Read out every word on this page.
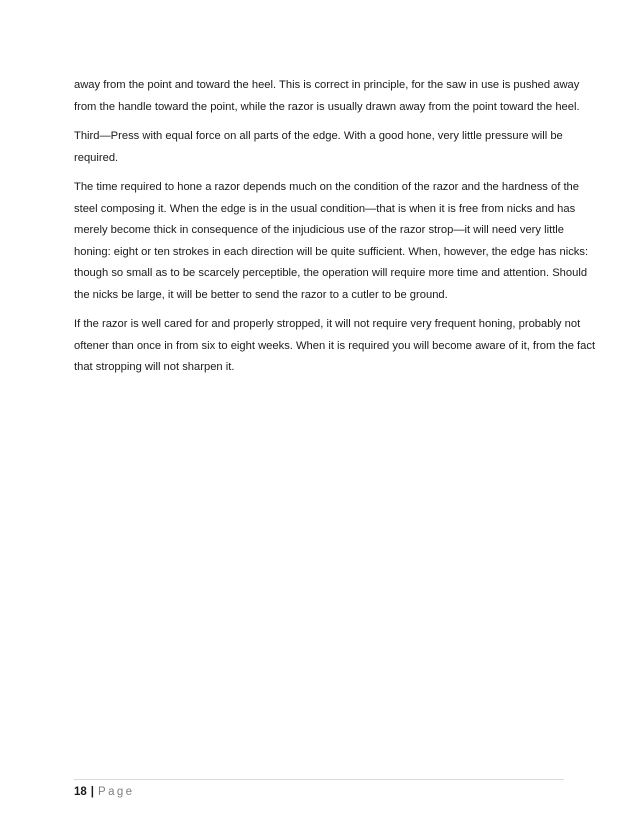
away from the point and toward the heel. This is correct in principle, for the saw in use is pushed away
from the handle toward the point, while the razor is usually drawn away from the point toward the heel.

Third—Press with equal force on all parts of the edge. With a good hone, very little pressure will be
required.

The time required to hone a razor depends much on the condition of the razor and the hardness of the
steel composing it. When the edge is in the usual condition—that is when it is free from nicks and has
merely become thick in consequence of the injudicious use of the razor strop—it will need very little
honing: eight or ten strokes in each direction will be quite sufficient. When, however, the edge has nicks:
though so small as to be scarcely perceptible, the operation will require more time and attention. Should
the nicks be large, it will be better to send the razor to a cutler to be ground.

If the razor is well cared for and properly stropped, it will not require very frequent honing, probably not
oftener than once in from six to eight weeks. When it is required you will become aware of it, from the fact
that stropping will not sharpen it.

18 | Page
